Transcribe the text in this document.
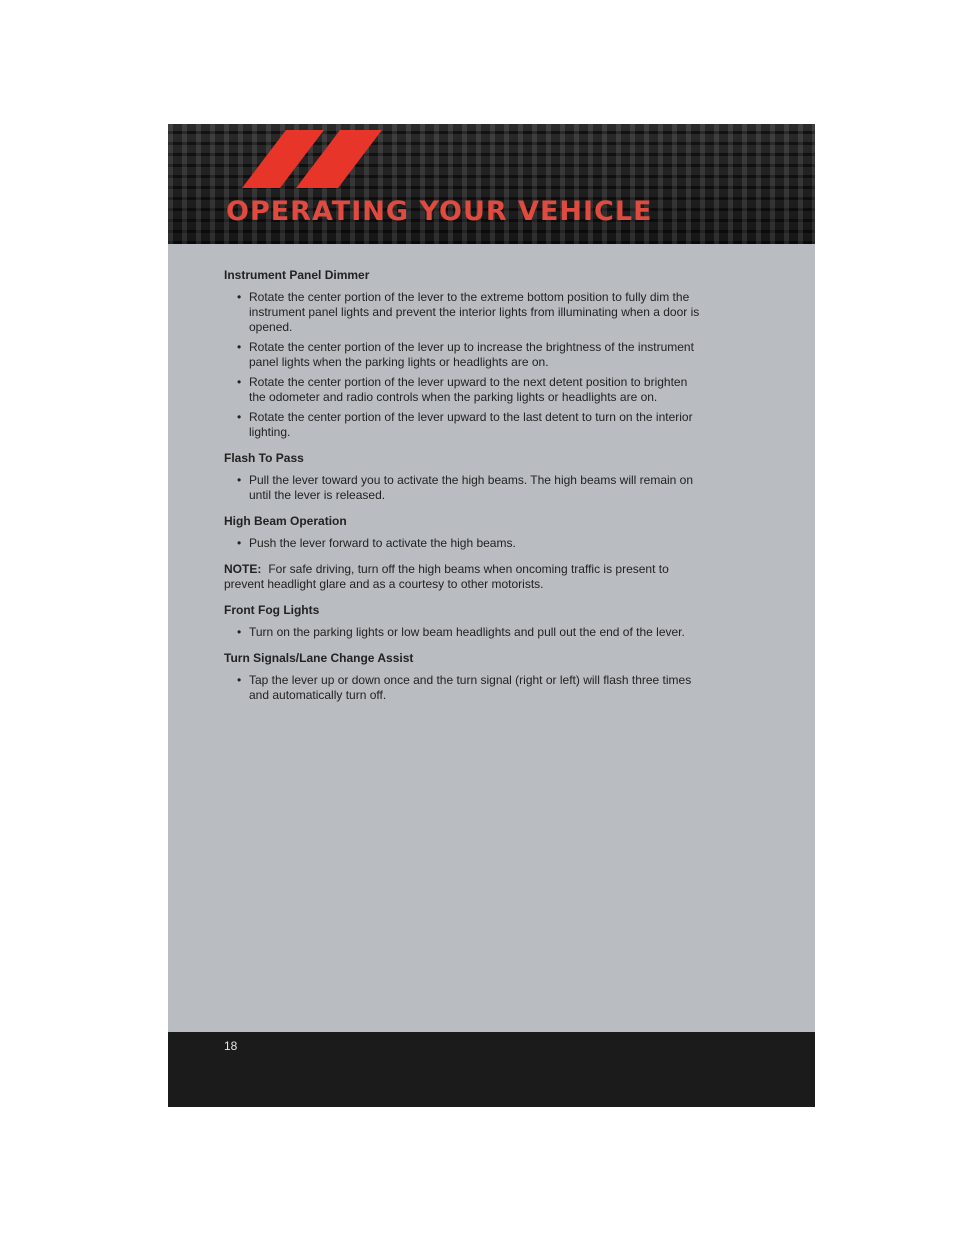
OPERATING YOUR VEHICLE
Instrument Panel Dimmer
• Rotate the center portion of the lever to the extreme bottom position to fully dim the instrument panel lights and prevent the interior lights from illuminating when a door is opened.
• Rotate the center portion of the lever up to increase the brightness of the instrument panel lights when the parking lights or headlights are on.
• Rotate the center portion of the lever upward to the next detent position to brighten the odometer and radio controls when the parking lights or headlights are on.
• Rotate the center portion of the lever upward to the last detent to turn on the interior lighting.
Flash To Pass
• Pull the lever toward you to activate the high beams. The high beams will remain on until the lever is released.
High Beam Operation
• Push the lever forward to activate the high beams.
NOTE: For safe driving, turn off the high beams when oncoming traffic is present to prevent headlight glare and as a courtesy to other motorists.
Front Fog Lights
• Turn on the parking lights or low beam headlights and pull out the end of the lever.
Turn Signals/Lane Change Assist
• Tap the lever up or down once and the turn signal (right or left) will flash three times and automatically turn off.
18
